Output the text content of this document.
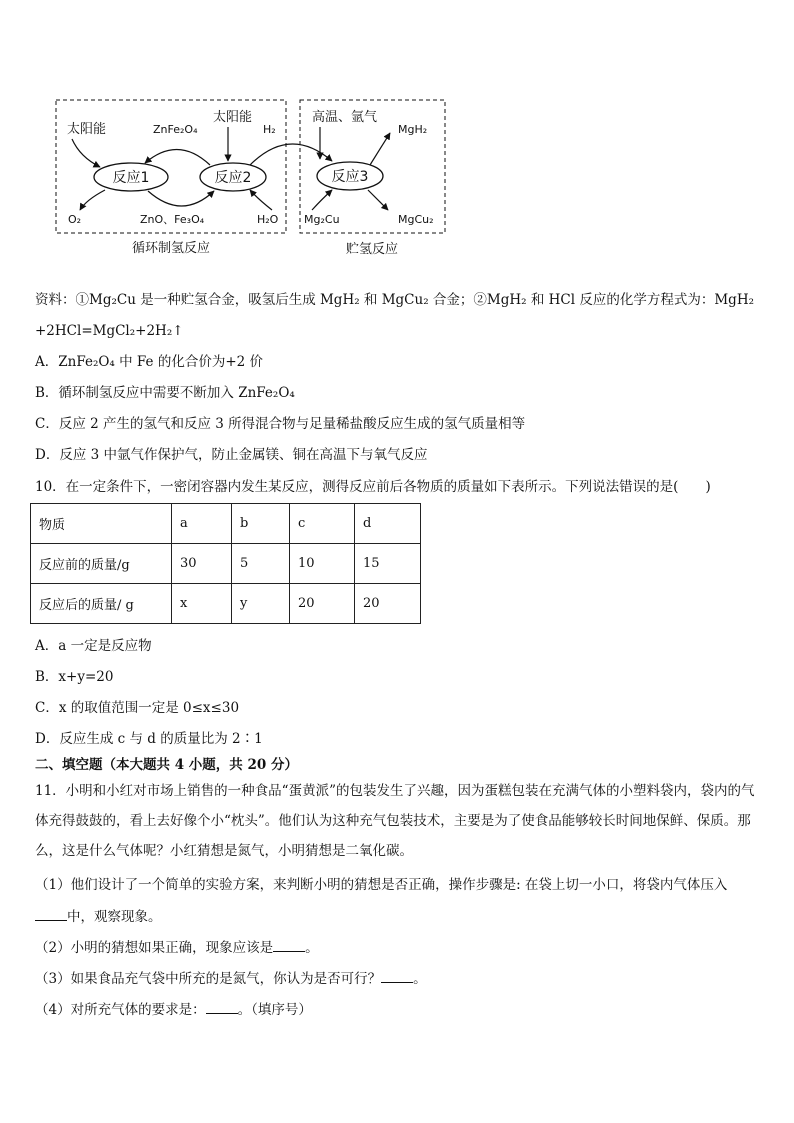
反应1	反应2	反应3
太阳能
O₂
ZnFe₂O₄
ZnO、Fe₃O₄
太阳能
H₂
H₂O
高温、氩气
MgH₂
Mg₂Cu	MgCu₂
循环制氢反应	贮氢反应
资料：①Mg₂Cu 是一种贮氢合金，吸氢后生成 MgH₂ 和 MgCu₂ 合金；②MgH₂ 和 HCl 反应的化学方程式为：MgH₂
+2HCl=MgCl₂+2H₂↑
A．ZnFe₂O₄ 中 Fe 的化合价为+2 价
B．循环制氢反应中需要不断加入 ZnFe₂O₄
C．反应 2 产生的氢气和反应 3 所得混合物与足量稀盐酸反应生成的氢气质量相等
D．反应 3 中氩气作保护气，防止金属镁、铜在高温下与氧气反应
10．在一定条件下，一密闭容器内发生某反应，测得反应前后各物质的质量如下表所示。下列说法错误的是(　　)
物质	a	b	c	d
反应前的质量/g	30	5	10	15
反应后的质量/ g	x	y	20	20
A．a 一定是反应物
B．x+y=20
C．x 的取值范围一定是 0≤x≤30
D．反应生成 c 与 d 的质量比为 2∶1
二、填空题（本大题共 4 小题，共 20 分）
11．小明和小红对市场上销售的一种食品“蛋黄派”的包装发生了兴趣，因为蛋糕包装在充满气体的小塑料袋内，袋内的气体充得鼓鼓的，看上去好像个小“枕头”。他们认为这种充气包装技术，主要是为了使食品能够较长时间地保鲜、保质。那么，这是什么气体呢？小红猜想是氮气，小明猜想是二氧化碳。
（1）他们设计了一个简单的实验方案，来判断小明的猜想是否正确，操作步骤是: 在袋上切一小口，将袋内气体压入
中，观察现象。
（2）小明的猜想如果正确，现象应该是 。
（3）如果食品充气袋中所充的是氮气，你认为是否可行？ 。
（4）对所充气体的要求是： 。（填序号）
